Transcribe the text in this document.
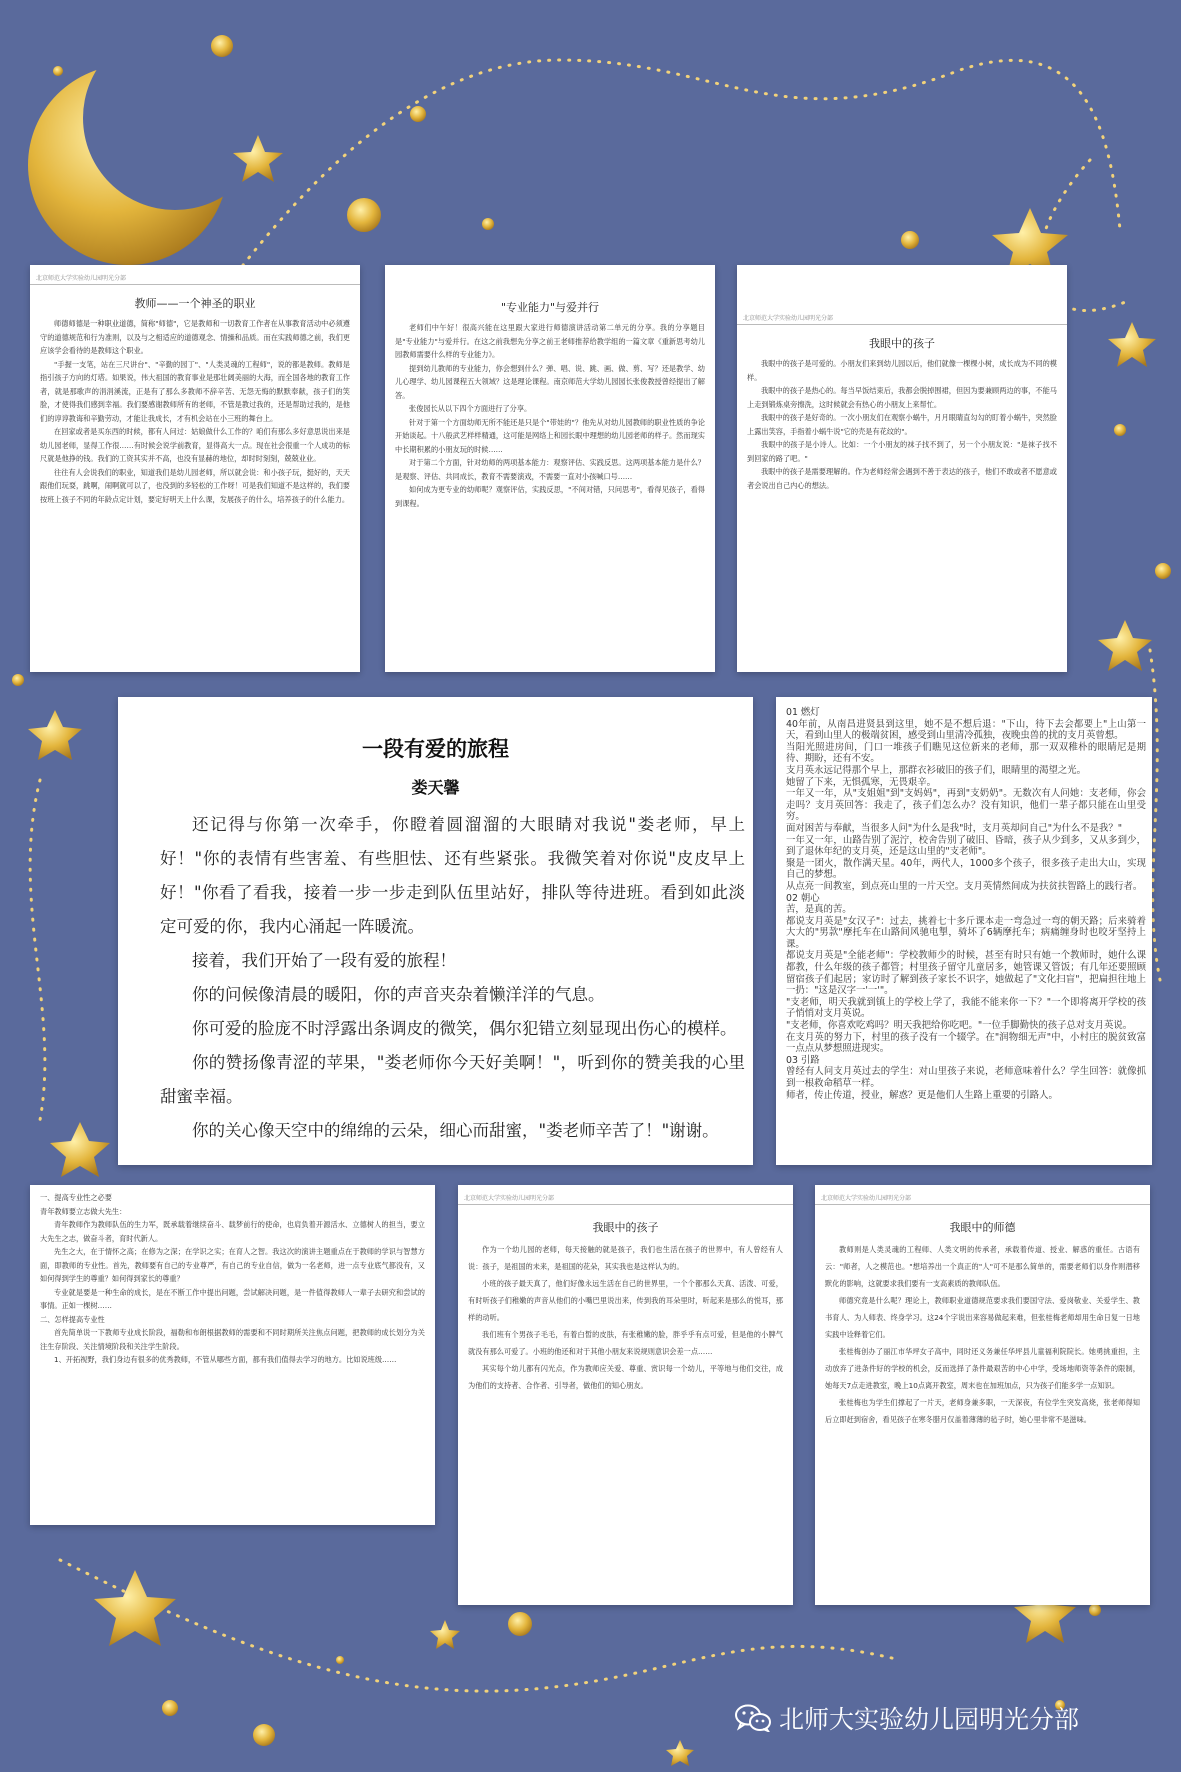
北京师范大学实验幼儿园明光分部
教师——一个神圣的职业

师德师德是一种职业道德，简称"师德"，它是教师和一切教育工作者在从事教育活动中必须遵守的道德规范和行为准则，以及与之相适应的道德观念、情操和品质。而在实践师德之前，我们更应该学会看待的是教师这个职业。

"手握一支笔，站在三尺讲台"、"辛勤的园丁"、"人类灵魂的工程师"，说的都是教师。教师是指引孩子方向的灯塔。如果说，伟大祖国的教育事业是那壮阔美丽的大海，而全国各地的教育工作者，就是那歌声的涓涓溪流，正是有了那么多教师不辞辛苦、无怨无悔的默默奉献，孩子们的笑脸，才使得我们感到幸福。我们要感谢教师所有的老师，不管是教过我的，还是帮助过我的，是他们的谆谆教诲和辛勤劳动，才能让我成长，才有机会站在小三班的舞台上。

在回家或者是买东西的时候，都有人问过：姑娘做什么工作的？咱们有那么多好意思说出来是幼儿园老师，显得工作很……有时候会说学前教育，显得高大一点。现在社会很重一个人成功的标尺就是他挣的钱。我们的工资其实并不高，也没有显赫的地位，却时时刻刻，兢兢业业。

往往有人会说我们的职业，知道我们是幼儿园老师，所以就会说：和小孩子玩，挺好的，天天跟他们玩耍，跳啊，闹啊就可以了，也没到的多轻松的工作呀！可是我们知道不是这样的，我们要按班上孩子不同的年龄点定计划，要定好明天上什么课，发展孩子的什么，培养孩子的什么能力。

"专业能力"与爱并行

老师们中午好！很高兴能在这里跟大家进行师德演讲活动第二单元的分享。我的分享题目是"专业能力"与爱并行。在这之前我想先分享之前王老师推荐给教学组的一篇文章《重新思考幼儿园教师需要什么样的专业能力》。

提到幼儿教师的专业能力，你会想到什么？弹、唱、说、跳、画、做、剪、写？还是教学、幼儿心理学、幼儿园课程五大领域？这是理论课程。南京师范大学幼儿园园长张俊教授曾经提出了解答。

张俊园长从以下四个方面进行了分享。

针对于第一个方面幼师无所不能还是只是个"带娃的"？他先从对幼儿园教师的职业性质的争论开始谈起。十八般武艺样样精通，这可能是网络上和园长眼中理想的幼儿园老师的样子。然而现实中长期积累的小朋友玩的时候……

对于第二个方面，针对幼师的两项基本能力：观察评估、实践反思。这两项基本能力是什么？是观察、评估、共同成长，教育不需要演戏，不需要一直对小孩喊口号……

如何成为更专业的幼师呢？观察评估，实践反思，"不间对错，只问思考"，看得见孩子，看得到课程。

北京师范大学实验幼儿园明光分部
我眼中的孩子

我眼中的孩子是可爱的。小朋友们来到幼儿园以后，他们就像一棵棵小树，成长成为不同的模样。

我眼中的孩子是热心的。每当早饭结束后，我都会脱掉围裙，但因为要兼顾两边的事，不能马上走到锻炼桌旁擦洗，这时候就会有热心的小朋友上来帮忙。

我眼中的孩子是好奇的。一次小朋友们在观察小蜗牛，月月眼睛直勾勾的盯着小蜗牛，突然脸上露出笑容，手指着小蜗牛说"它的壳是有花纹的"。

我眼中的孩子是小诗人。比如：一个小朋友的袜子找不到了，另一个小朋友说："是袜子找不到回家的路了吧。"

我眼中的孩子是需要理解的。作为老师经常会遇到不善于表达的孩子，他们不敢或者不愿意或者会说出自己内心的想法。

一段有爱的旅程
娄天馨

还记得与你第一次牵手，你瞪着圆溜溜的大眼睛对我说"娄老师，早上好！"你的表情有些害羞、有些胆怯、还有些紧张。我微笑着对你说"皮皮早上好！"你看了看我，接着一步一步走到队伍里站好，排队等待进班。看到如此淡定可爱的你，我内心涌起一阵暖流。

接着，我们开始了一段有爱的旅程！

你的问候像清晨的暖阳，你的声音夹杂着懒洋洋的气息。

你可爱的脸庞不时浮露出条调皮的微笑，偶尔犯错立刻显现出伤心的模样。

你的赞扬像青涩的苹果，"娄老师你今天好美啊！"，听到你的赞美我的心里甜蜜幸福。

你的关心像天空中的绵绵的云朵，细心而甜蜜，"娄老师辛苦了！"谢谢。

01 燃灯

40年前，从南昌进贤县到这里，她不是不想后退："下山，待下去会都要上"上山第一天，看到山里人的极端贫困，感受到山里清冷孤独，夜晚虫兽的扰的支月英曾想。

当阳光照进房间，门口一堆孩子们瞧见这位新来的老师，那一双双稚朴的眼睛尼是期待、期盼，还有不安。

支月英永远记得那个早上，那群衣衫破旧的孩子们，眼睛里的渴望之光。

她留了下来，无惧孤寒，无畏艰辛。

一年又一年，从"支姐姐"到"支妈妈"，再到"支奶奶"。无数次有人问她：支老师，你会走吗？支月英回答：我走了，孩子们怎么办？没有知识，他们一辈子都只能在山里受穷。

面对困苦与奉献，当很多人问"为什么是我"时，支月英却问自己"为什么不是我？"

一年又一年，山路告别了泥泞，校舍告别了破旧、昏暗，孩子从少到多，又从多到少，到了退休年纪的支月英，还是这山里的"支老师"。

聚是一团火，散作满天星。40年，两代人，1000多个孩子，很多孩子走出大山，实现自己的梦想。

从点亮一间教室，到点亮山里的一片天空。支月英情然间成为扶贫扶智路上的践行者。

02 朝心

苦，是真的苦。

都说支月英是"女汉子"：过去，挑着七十多斤课本走一弯急过一弯的朝天路；后来骑着大大的"男款"摩托车在山路间风驰电掣，骑坏了6辆摩托车；病痛缠身时也咬牙坚持上课。

都说支月英是"全能老师"：学校教师少的时候，甚至有时只有她一个教师时，她什么课都教，什么年级的孩子都管；村里孩子留守儿童居多，她管课又管饭；有几年还要照顾留宿孩子们起居；家访时了解到孩子家长不识字，她做起了"文化扫盲"，把扁担往地上一扔："这是汉字一'一'"。

"支老师，明天我就到镇上的学校上学了，我能不能来你一下？"一个即将离开学校的孩子悄悄对支月英说。

"支老师，你喜欢吃鸡吗？明天我把给你吃吧。"一位手脚勤快的孩子总对支月英说。

在支月英的努力下，村里的孩子没有一个辍学。在"润物细无声"中，小村庄的脱贫致富一点点从梦想照进现实。

03 引路

曾经有人问支月英过去的学生：对山里孩子来说，老师意味着什么？学生回答：就像抓到一根救命稻草一样。

师者，传止传道，授业，解惑？更是他们人生路上重要的引路人。

一、提高专业性之必要

青年教师要立志做大先生：

青年教师作为教师队伍的生力军，既承载着继续奋斗、载梦前行的使命，也肩负着开源活水、立德树人的担当，要立大先生之志，做奋斗者，育时代新人。

先生之大，在于情怀之高；在修为之深；在学识之实；在育人之智。我这次的演讲主题重点在于教师的学识与智慧方面，即教师的专业性。首先，教师要有自己的专业尊严，有自己的专业自信，做为一名老师，进一点专业底气都没有，又如何得到学生的尊重？如何得到家长的尊重？

专业就是要是一种生命的成长，是在不断工作中提出问题，尝试解决问题，是一件值得教师人一辈子去研究和尝试的事情。正如一棵树……

二、怎样提高专业性

首先简单说一下教师专业成长阶段，福勒和布朗根据教师的需要和不同时期所关注焦点问题，把教师的成长划分为关注生存阶段、关注情境阶段和关注学生阶段。

1、开拓视野，我们身边有很多的优秀教师，不管从哪些方面，都有我们值得去学习的地方。比如说班级……

北京师范大学实验幼儿园明光分部
我眼中的孩子

作为一个幼儿园的老师，每天接触的就是孩子，我们也生活在孩子的世界中，有人曾经有人说：孩子，是祖国的未来，是祖国的花朵，其实我也是这样认为的。

小班的孩子最天真了，他们好像永远生活在自己的世界里，一个个都那么天真、活泼、可爱，有时听孩子们稚嫩的声音从他们的小嘴巴里说出来，传到我的耳朵里时，听起来是那么的悦耳，那样的动听。

我们班有个男孩子毛毛，有着白皙的皮肤，有张稚嫩的脸，胖乎乎有点可爱，但是他的小脾气就没有那么可爱了。小班的他还和对于其他小朋友来说规则意识会差一点……

其实每个幼儿都有闪光点，作为教师应关爱、尊重、赏识每一个幼儿，平等地与他们交往，成为他们的支持者、合作者、引导者，做他们的知心朋友。

北京师范大学实验幼儿园明光分部
我眼中的师德

教师则是人类灵魂的工程师、人类文明的传承者，承载着传道、授业、解惑的重任。古语有云："师者，人之模范也。"想培养出一个真正的"人"可不是那么简单的，需要老师们以身作则潜移默化的影响，这就要求我们要有一支高素质的教师队伍。

师德究竟是什么呢？理论上，教师职业道德规范要求我们要国守法、爱岗敬业、关爱学生、教书育人、为人师表、终身学习。这24个字说出来容易做起来难，但张桂梅老师却用生命日复一日地实践中诠释着它们。

张桂梅创办了丽江市华坪女子高中，同时还义务兼任华坪县儿童福利院院长。她勇挑重担，主动放弃了进条件好的学校的机会，反而选择了条件最艰苦的中心中学，受场地师资等条件的限制，她每天7点走进教室，晚上10点离开教室，周末也在加班加点，只为孩子们能多学一点知识。

张桂梅也为学生们撑起了一片天，老师身兼多职，一天深夜，有位学生突发高烧，张老师得知后立即赶到宿舍，看见孩子在寒冬腊月仅盖着薄薄的毡子时，她心里非常不是滋味。

北师大实验幼儿园明光分部
